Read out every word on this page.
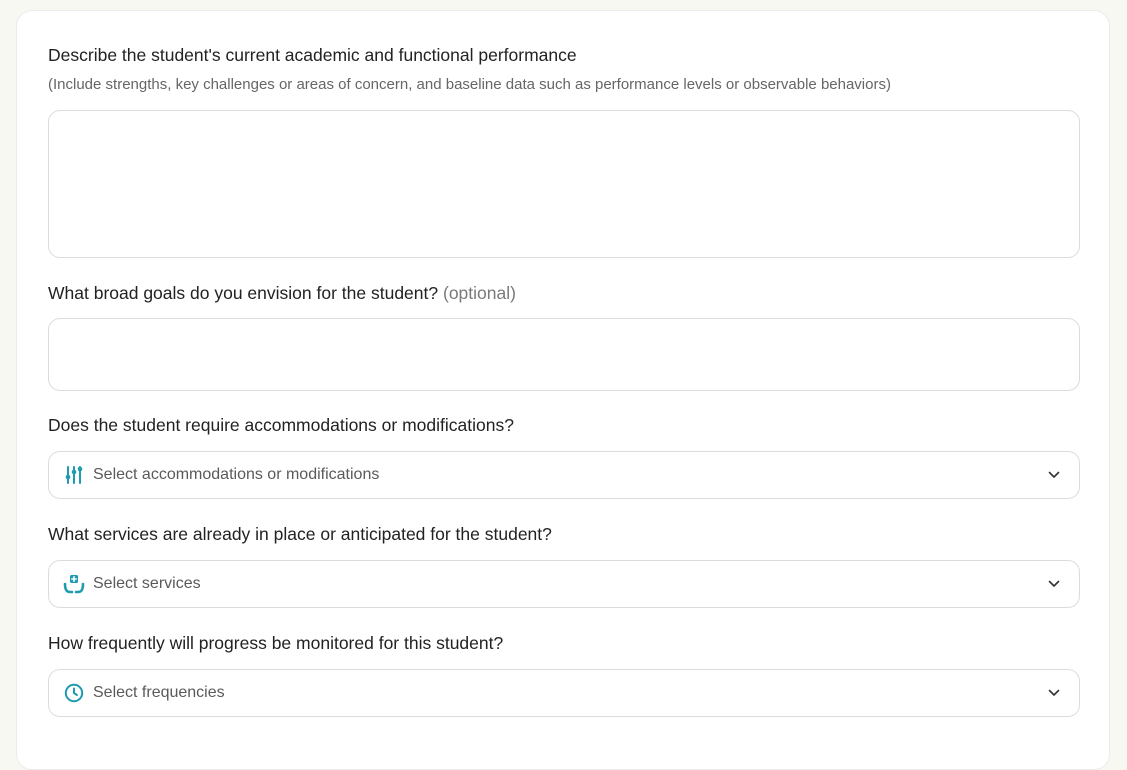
Describe the student's current academic and functional performance
(Include strengths, key challenges or areas of concern, and baseline data such as performance levels or observable behaviors)
What broad goals do you envision for the student? (optional)
Does the student require accommodations or modifications?
Select accommodations or modifications
What services are already in place or anticipated for the student?
Select services
How frequently will progress be monitored for this student?
Select frequencies
